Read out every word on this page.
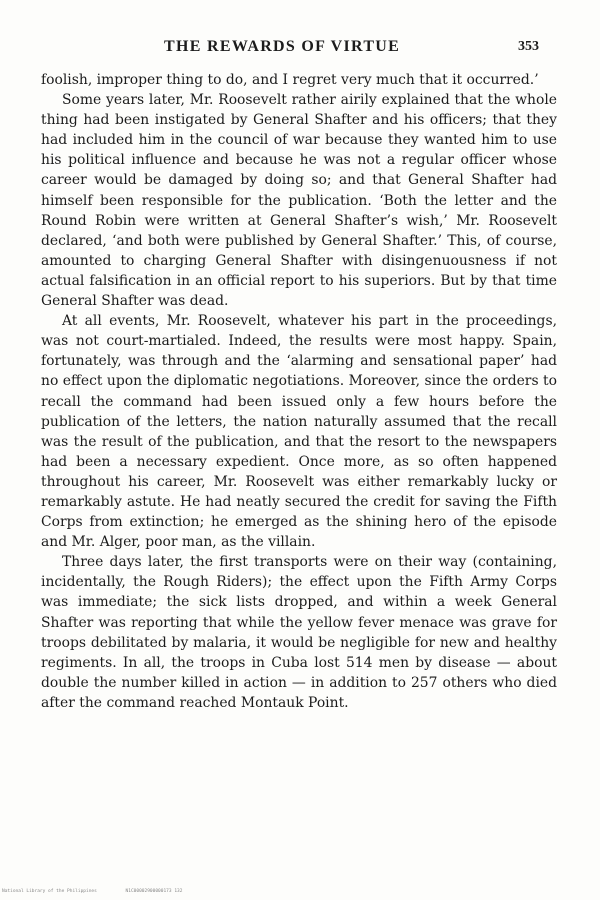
THE REWARDS OF VIRTUE	353

foolish, improper thing to do, and I regret very much that it occurred.’

Some years later, Mr. Roosevelt rather airily explained that the whole thing had been instigated by General Shafter and his officers; that they had included him in the council of war because they wanted him to use his political influence and because he was not a regular officer whose career would be damaged by doing so; and that General Shafter had himself been responsible for the publication. ‘Both the letter and the Round Robin were written at General Shafter’s wish,’ Mr. Roosevelt declared, ‘and both were published by General Shafter.’ This, of course, amounted to charging General Shafter with disingenuousness if not actual falsification in an official report to his superiors. But by that time General Shafter was dead.

At all events, Mr. Roosevelt, whatever his part in the proceedings, was not court-martialed. Indeed, the results were most happy. Spain, fortunately, was through and the ‘alarming and sensational paper’ had no effect upon the diplomatic negotiations. Moreover, since the orders to recall the command had been issued only a few hours before the publication of the letters, the nation naturally assumed that the recall was the result of the publication, and that the resort to the newspapers had been a necessary expedient. Once more, as so often happened throughout his career, Mr. Roosevelt was either remarkably lucky or remarkably astute. He had neatly secured the credit for saving the Fifth Corps from extinction; he emerged as the shining hero of the episode and Mr. Alger, poor man, as the villain.

Three days later, the first transports were on their way (containing, incidentally, the Rough Riders); the effect upon the Fifth Army Corps was immediate; the sick lists dropped, and within a week General Shafter was reporting that while the yellow fever menace was grave for troops debilitated by malaria, it would be negligible for new and healthy regiments. In all, the troops in Cuba lost 514 men by disease — about double the number killed in action — in addition to 257 others who died after the command reached Montauk Point.

National Library of the Philippines	N1C00002900000173 132
